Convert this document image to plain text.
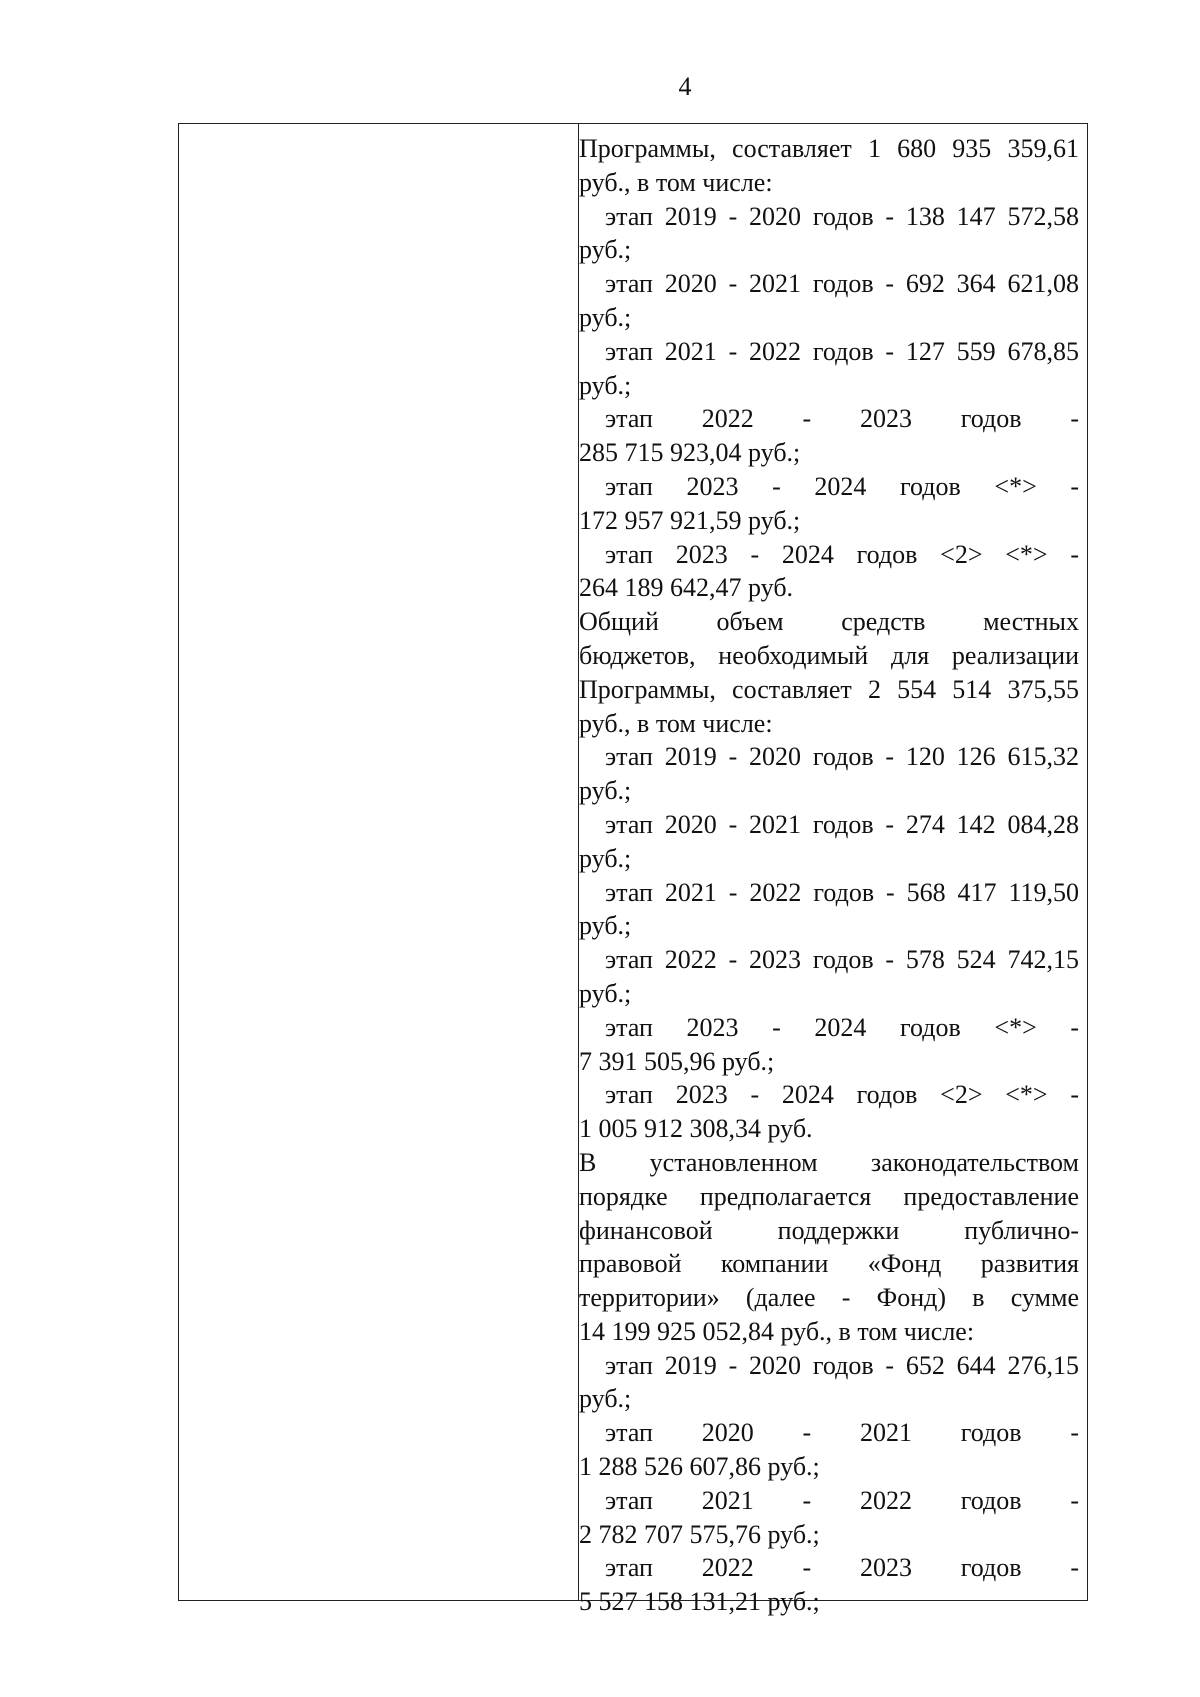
4
Программы, составляет 1 680 935 359,61
руб., в том числе:
этап 2019 - 2020 годов - 138 147 572,58
руб.;
этап 2020 - 2021 годов - 692 364 621,08
руб.;
этап 2021 - 2022 годов - 127 559 678,85
руб.;
этап 2022 - 2023 годов -
285 715 923,04 руб.;
этап 2023 - 2024 годов <*> -
172 957 921,59 руб.;
этап 2023 - 2024 годов <2> <*> -
264 189 642,47 руб.
Общий объем средств местных
бюджетов, необходимый для реализации
Программы, составляет 2 554 514 375,55
руб., в том числе:
этап 2019 - 2020 годов - 120 126 615,32
руб.;
этап 2020 - 2021 годов - 274 142 084,28
руб.;
этап 2021 - 2022 годов - 568 417 119,50
руб.;
этап 2022 - 2023 годов - 578 524 742,15
руб.;
этап 2023 - 2024 годов <*> -
7 391 505,96 руб.;
этап 2023 - 2024 годов <2> <*> -
1 005 912 308,34 руб.
В установленном законодательством
порядке предполагается предоставление
финансовой поддержки публично-
правовой компании «Фонд развития
территории» (далее - Фонд) в сумме
14 199 925 052,84 руб., в том числе:
этап 2019 - 2020 годов - 652 644 276,15
руб.;
этап 2020 - 2021 годов -
1 288 526 607,86 руб.;
этап 2021 - 2022 годов -
2 782 707 575,76 руб.;
этап 2022 - 2023 годов -
5 527 158 131,21 руб.;
